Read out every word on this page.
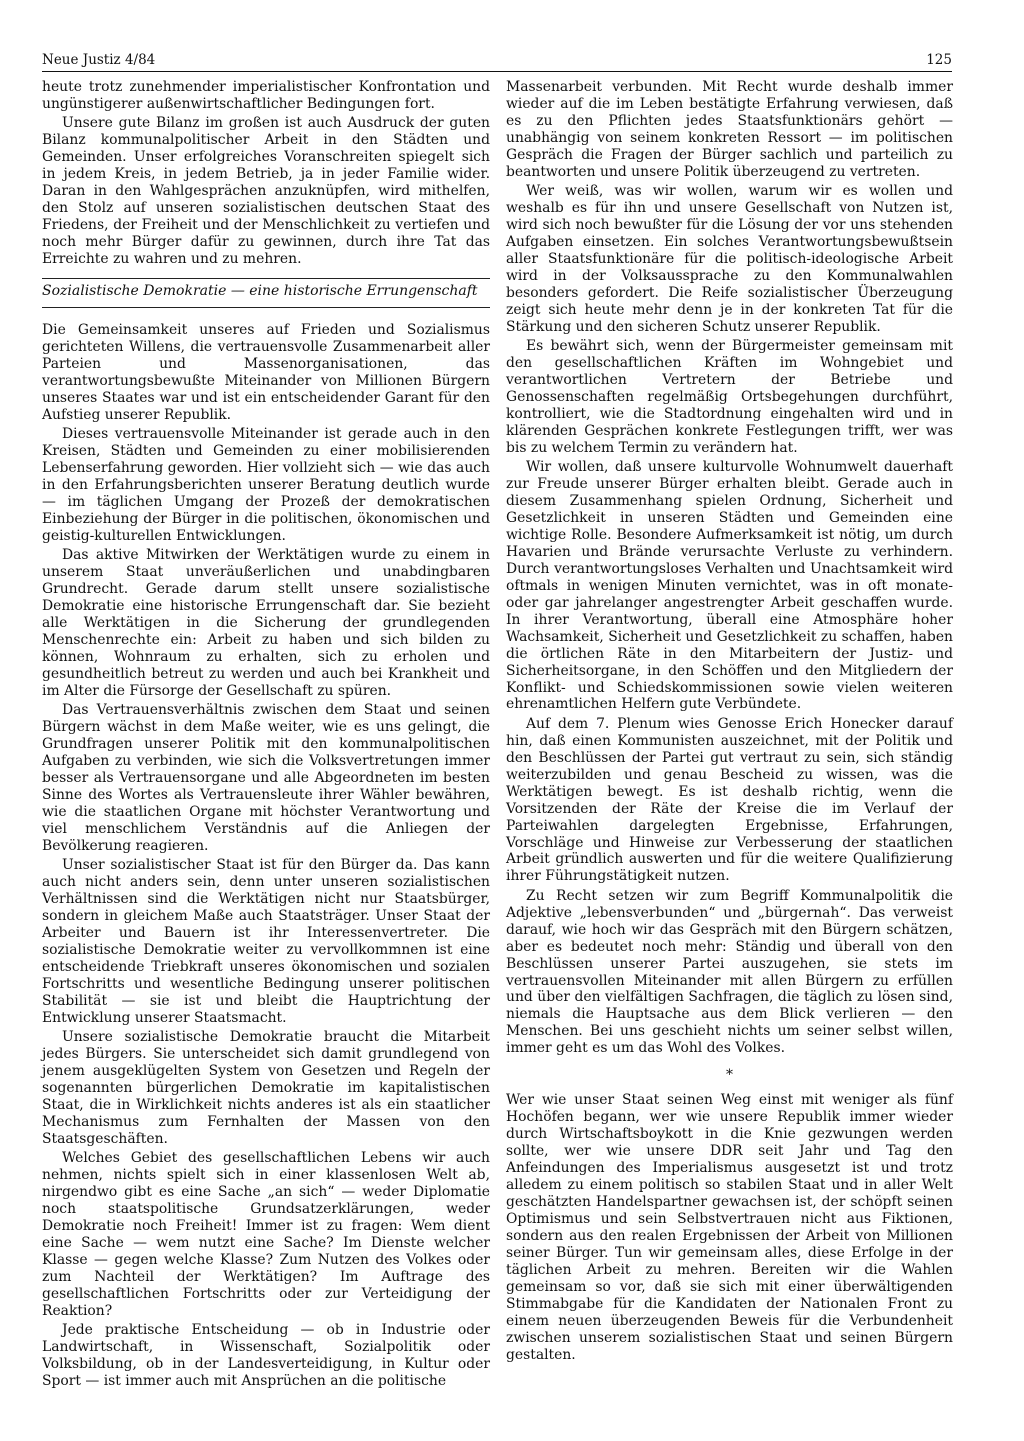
Neue Justiz 4/84	125

heute trotz zunehmender imperialistischer Konfrontation und ungünstigerer außenwirtschaftlicher Bedingungen fort.

Unsere gute Bilanz im großen ist auch Ausdruck der guten Bilanz kommunalpolitischer Arbeit in den Städten und Gemeinden. Unser erfolgreiches Voranschreiten spiegelt sich in jedem Kreis, in jedem Betrieb, ja in jeder Familie wider. Daran in den Wahlgesprächen anzuknüpfen, wird mithelfen, den Stolz auf unseren sozialistischen deutschen Staat des Friedens, der Freiheit und der Menschlichkeit zu vertiefen und noch mehr Bürger dafür zu gewinnen, durch ihre Tat das Erreichte zu wahren und zu mehren.

Sozialistische Demokratie — eine historische Errungenschaft

Die Gemeinsamkeit unseres auf Frieden und Sozialismus gerichteten Willens, die vertrauensvolle Zusammenarbeit aller Parteien und Massenorganisationen, das verantwortungsbewußte Miteinander von Millionen Bürgern unseres Staates war und ist ein entscheidender Garant für den Aufstieg unserer Republik.

Dieses vertrauensvolle Miteinander ist gerade auch in den Kreisen, Städten und Gemeinden zu einer mobilisierenden Lebenserfahrung geworden. Hier vollzieht sich — wie das auch in den Erfahrungsberichten unserer Beratung deutlich wurde — im täglichen Umgang der Prozeß der demokratischen Einbeziehung der Bürger in die politischen, ökonomischen und geistig-kulturellen Entwicklungen.

Das aktive Mitwirken der Werktätigen wurde zu einem in unserem Staat unveräußerlichen und unabdingbaren Grundrecht. Gerade darum stellt unsere sozialistische Demokratie eine historische Errungenschaft dar. Sie bezieht alle Werktätigen in die Sicherung der grundlegenden Menschenrechte ein: Arbeit zu haben und sich bilden zu können, Wohnraum zu erhalten, sich zu erholen und gesundheitlich betreut zu werden und auch bei Krankheit und im Alter die Fürsorge der Gesellschaft zu spüren.

Das Vertrauensverhältnis zwischen dem Staat und seinen Bürgern wächst in dem Maße weiter, wie es uns gelingt, die Grundfragen unserer Politik mit den kommunalpolitischen Aufgaben zu verbinden, wie sich die Volksvertretungen immer besser als Vertrauensorgane und alle Abgeordneten im besten Sinne des Wortes als Vertrauensleute ihrer Wähler bewähren, wie die staatlichen Organe mit höchster Verantwortung und viel menschlichem Verständnis auf die Anliegen der Bevölkerung reagieren.

Unser sozialistischer Staat ist für den Bürger da. Das kann auch nicht anders sein, denn unter unseren sozialistischen Verhältnissen sind die Werktätigen nicht nur Staatsbürger, sondern in gleichem Maße auch Staatsträger. Unser Staat der Arbeiter und Bauern ist ihr Interessenvertreter. Die sozialistische Demokratie weiter zu vervollkommnen ist eine entscheidende Triebkraft unseres ökonomischen und sozialen Fortschritts und wesentliche Bedingung unserer politischen Stabilität — sie ist und bleibt die Hauptrichtung der Entwicklung unserer Staatsmacht.

Unsere sozialistische Demokratie braucht die Mitarbeit jedes Bürgers. Sie unterscheidet sich damit grundlegend von jenem ausgeklügelten System von Gesetzen und Regeln der sogenannten bürgerlichen Demokratie im kapitalistischen Staat, die in Wirklichkeit nichts anderes ist als ein staatlicher Mechanismus zum Fernhalten der Massen von den Staatsgeschäften.

Welches Gebiet des gesellschaftlichen Lebens wir auch nehmen, nichts spielt sich in einer klassenlosen Welt ab, nirgendwo gibt es eine Sache „an sich“ — weder Diplomatie noch staatspolitische Grundsatzerklärungen, weder Demokratie noch Freiheit! Immer ist zu fragen: Wem dient eine Sache — wem nutzt eine Sache? Im Dienste welcher Klasse — gegen welche Klasse? Zum Nutzen des Volkes oder zum Nachteil der Werktätigen? Im Auftrage des gesellschaftlichen Fortschritts oder zur Verteidigung der Reaktion?

Jede praktische Entscheidung — ob in Industrie oder Landwirtschaft, in Wissenschaft, Sozialpolitik oder Volksbildung, ob in der Landesverteidigung, in Kultur oder Sport — ist immer auch mit Ansprüchen an die politische

Massenarbeit verbunden. Mit Recht wurde deshalb immer wieder auf die im Leben bestätigte Erfahrung verwiesen, daß es zu den Pflichten jedes Staatsfunktionärs gehört — unabhängig von seinem konkreten Ressort — im politischen Gespräch die Fragen der Bürger sachlich und parteilich zu beantworten und unsere Politik überzeugend zu vertreten.

Wer weiß, was wir wollen, warum wir es wollen und weshalb es für ihn und unsere Gesellschaft von Nutzen ist, wird sich noch bewußter für die Lösung der vor uns stehenden Aufgaben einsetzen. Ein solches Verantwortungsbewußtsein aller Staatsfunktionäre für die politisch-ideologische Arbeit wird in der Volksaussprache zu den Kommunalwahlen besonders gefordert. Die Reife sozialistischer Überzeugung zeigt sich heute mehr denn je in der konkreten Tat für die Stärkung und den sicheren Schutz unserer Republik.

Es bewährt sich, wenn der Bürgermeister gemeinsam mit den gesellschaftlichen Kräften im Wohngebiet und verantwortlichen Vertretern der Betriebe und Genossenschaften regelmäßig Ortsbegehungen durchführt, kontrolliert, wie die Stadtordnung eingehalten wird und in klärenden Gesprächen konkrete Festlegungen trifft, wer was bis zu welchem Termin zu verändern hat.

Wir wollen, daß unsere kulturvolle Wohnumwelt dauerhaft zur Freude unserer Bürger erhalten bleibt. Gerade auch in diesem Zusammenhang spielen Ordnung, Sicherheit und Gesetzlichkeit in unseren Städten und Gemeinden eine wichtige Rolle. Besondere Aufmerksamkeit ist nötig, um durch Havarien und Brände verursachte Verluste zu verhindern. Durch verantwortungsloses Verhalten und Unachtsamkeit wird oftmals in wenigen Minuten vernichtet, was in oft monate- oder gar jahrelanger angestrengter Arbeit geschaffen wurde. In ihrer Verantwortung, überall eine Atmosphäre hoher Wachsamkeit, Sicherheit und Gesetzlichkeit zu schaffen, haben die örtlichen Räte in den Mitarbeitern der Justiz- und Sicherheitsorgane, in den Schöffen und den Mitgliedern der Konflikt- und Schiedskommissionen sowie vielen weiteren ehrenamtlichen Helfern gute Verbündete.

Auf dem 7. Plenum wies Genosse Erich Honecker darauf hin, daß einen Kommunisten auszeichnet, mit der Politik und den Beschlüssen der Partei gut vertraut zu sein, sich ständig weiterzubilden und genau Bescheid zu wissen, was die Werktätigen bewegt. Es ist deshalb richtig, wenn die Vorsitzenden der Räte der Kreise die im Verlauf der Parteiwahlen dargelegten Ergebnisse, Erfahrungen, Vorschläge und Hinweise zur Verbesserung der staatlichen Arbeit gründlich auswerten und für die weitere Qualifizierung ihrer Führungstätigkeit nutzen.

Zu Recht setzen wir zum Begriff Kommunalpolitik die Adjektive „lebensverbunden“ und „bürgernah“. Das verweist darauf, wie hoch wir das Gespräch mit den Bürgern schätzen, aber es bedeutet noch mehr: Ständig und überall von den Beschlüssen unserer Partei auszugehen, sie stets im vertrauensvollen Miteinander mit allen Bürgern zu erfüllen und über den vielfältigen Sachfragen, die täglich zu lösen sind, niemals die Hauptsache aus dem Blick verlieren — den Menschen. Bei uns geschieht nichts um seiner selbst willen, immer geht es um das Wohl des Volkes.

*

Wer wie unser Staat seinen Weg einst mit weniger als fünf Hochöfen begann, wer wie unsere Republik immer wieder durch Wirtschaftsboykott in die Knie gezwungen werden sollte, wer wie unsere DDR seit Jahr und Tag den Anfeindungen des Imperialismus ausgesetzt ist und trotz alledem zu einem politisch so stabilen Staat und in aller Welt geschätzten Handelspartner gewachsen ist, der schöpft seinen Optimismus und sein Selbstvertrauen nicht aus Fiktionen, sondern aus den realen Ergebnissen der Arbeit von Millionen seiner Bürger. Tun wir gemeinsam alles, diese Erfolge in der täglichen Arbeit zu mehren. Bereiten wir die Wahlen gemeinsam so vor, daß sie sich mit einer überwältigenden Stimmabgabe für die Kandidaten der Nationalen Front zu einem neuen überzeugenden Beweis für die Verbundenheit zwischen unserem sozialistischen Staat und seinen Bürgern gestalten.
